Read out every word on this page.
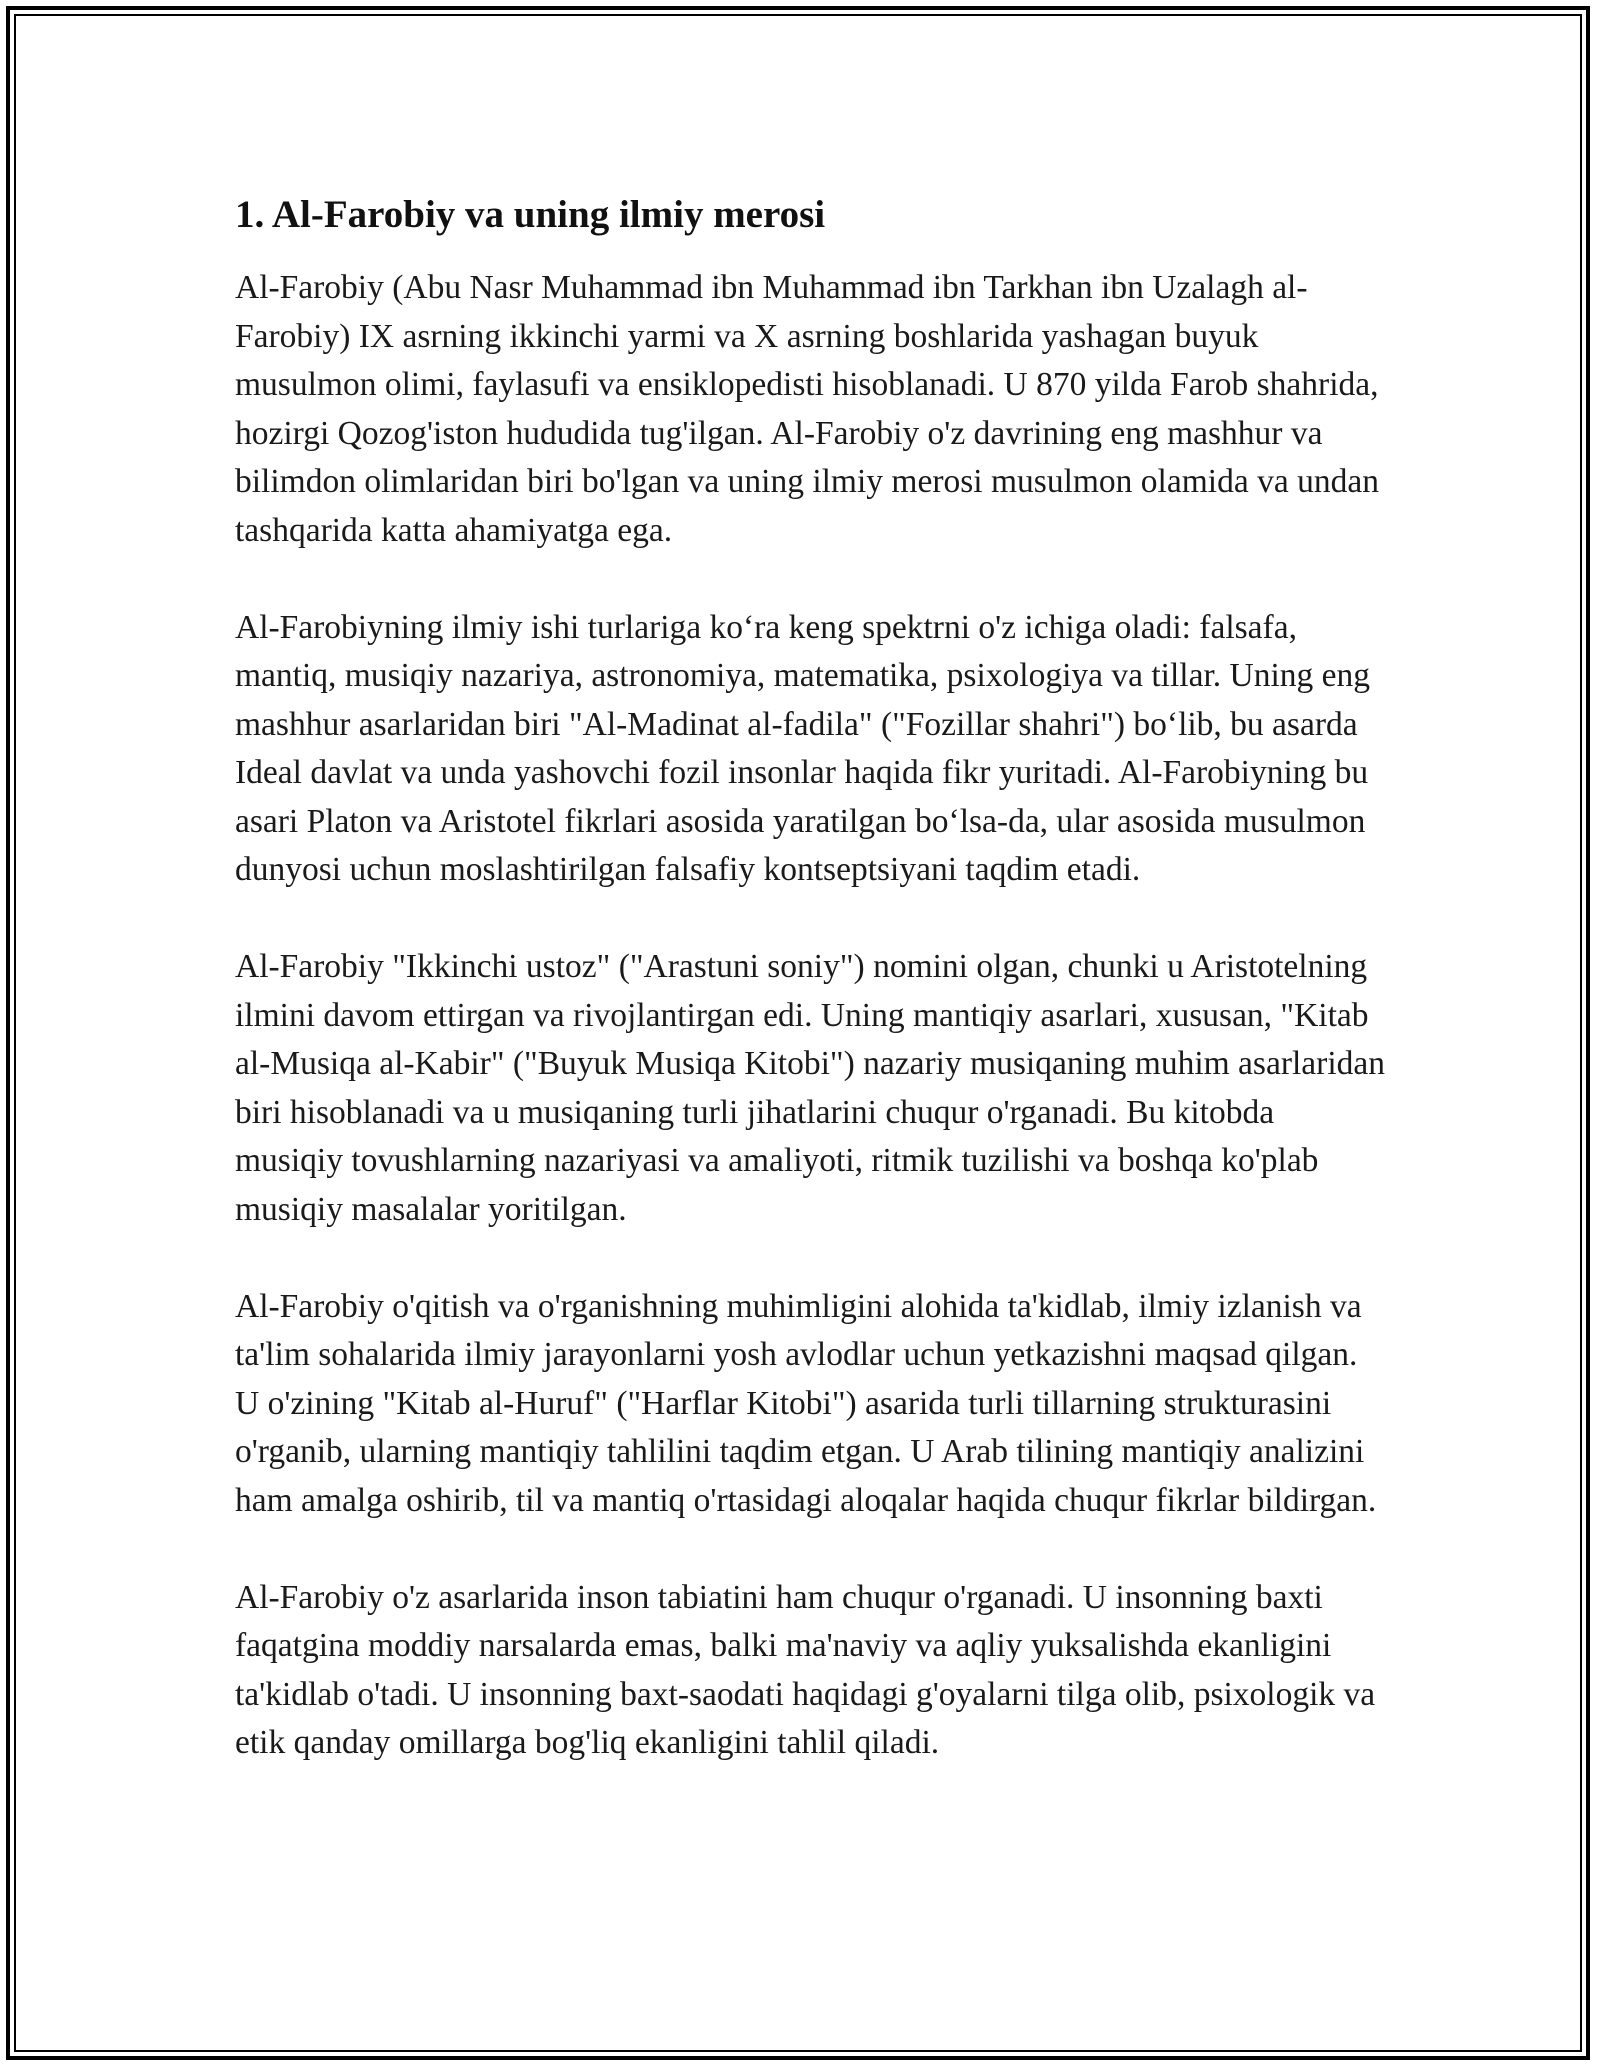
1. Al-Farobiy va uning ilmiy merosi

Al-Farobiy (Abu Nasr Muhammad ibn Muhammad ibn Tarkhan ibn Uzalagh al-Farobiy) IX asrning ikkinchi yarmi va X asrning boshlarida yashagan buyuk musulmon olimi, faylasufi va ensiklopedisti hisoblanadi. U 870 yilda Farob shahrida, hozirgi Qozog'iston hududida tug'ilgan. Al-Farobiy o'z davrining eng mashhur va bilimdon olimlaridan biri bo'lgan va uning ilmiy merosi musulmon olamida va undan tashqarida katta ahamiyatga ega.

Al-Farobiyning ilmiy ishi turlariga ko‘ra keng spektrni o'z ichiga oladi: falsafa, mantiq, musiqiy nazariya, astronomiya, matematika, psixologiya va tillar. Uning eng mashhur asarlaridan biri "Al-Madinat al-fadila" ("Fozillar shahri") bo‘lib, bu asarda Ideal davlat va unda yashovchi fozil insonlar haqida fikr yuritadi. Al-Farobiyning bu asari Platon va Aristotel fikrlari asosida yaratilgan bo‘lsa-da, ular asosida musulmon dunyosi uchun moslashtirilgan falsafiy kontseptsiyani taqdim etadi.

Al-Farobiy "Ikkinchi ustoz" ("Arastuni soniy") nomini olgan, chunki u Aristotelning ilmini davom ettirgan va rivojlantirgan edi. Uning mantiqiy asarlari, xususan, "Kitab al-Musiqa al-Kabir" ("Buyuk Musiqa Kitobi") nazariy musiqaning muhim asarlaridan biri hisoblanadi va u musiqaning turli jihatlarini chuqur o'rganadi. Bu kitobda musiqiy tovushlarning nazariyasi va amaliyoti, ritmik tuzilishi va boshqa ko'plab musiqiy masalalar yoritilgan.

Al-Farobiy o'qitish va o'rganishning muhimligini alohida ta'kidlab, ilmiy izlanish va ta'lim sohalarida ilmiy jarayonlarni yosh avlodlar uchun yetkazishni maqsad qilgan. U o'zining "Kitab al-Huruf" ("Harflar Kitobi") asarida turli tillarning strukturasini o'rganib, ularning mantiqiy tahlilini taqdim etgan. U Arab tilining mantiqiy analizini ham amalga oshirib, til va mantiq o'rtasidagi aloqalar haqida chuqur fikrlar bildirgan.

Al-Farobiy o'z asarlarida inson tabiatini ham chuqur o'rganadi. U insonning baxti faqatgina moddiy narsalarda emas, balki ma'naviy va aqliy yuksalishda ekanligini ta'kidlab o'tadi. U insonning baxt-saodati haqidagi g'oyalarni tilga olib, psixologik va etik qanday omillarga bog'liq ekanligini tahlil qiladi.
